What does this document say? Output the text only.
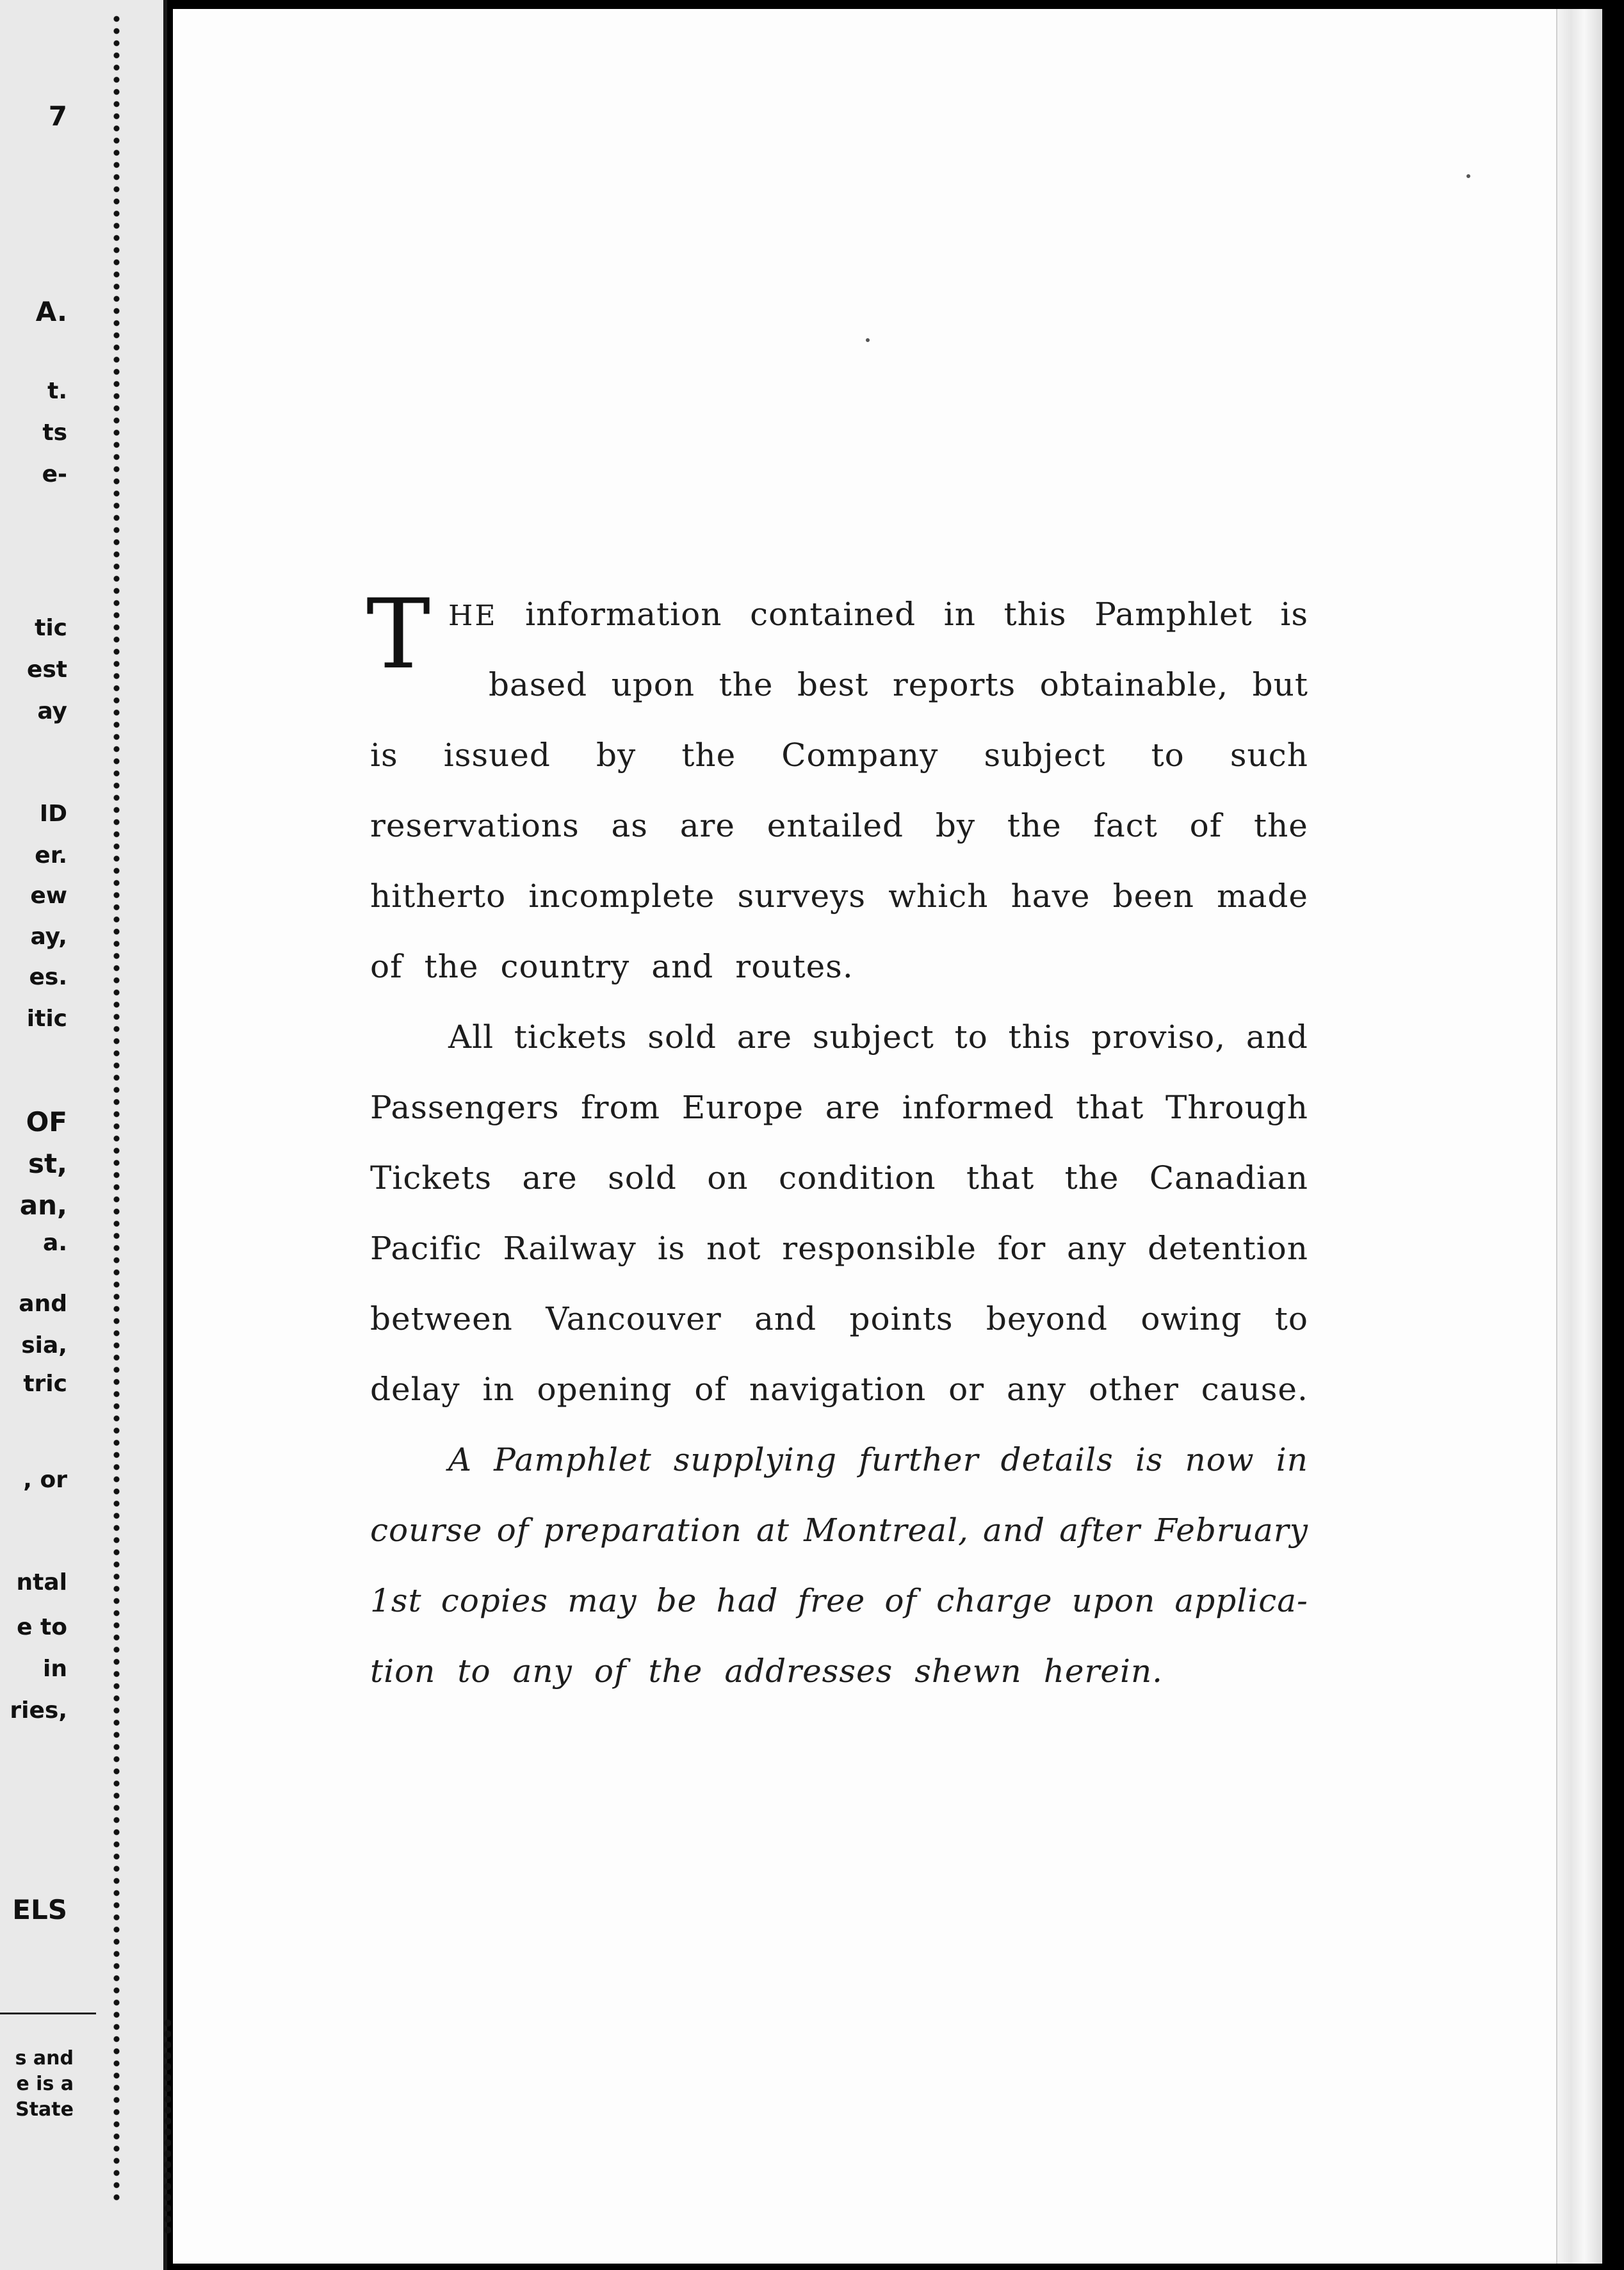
7
A.
t.
ts
e-
tic
est
ay
ID
er.
ew
ay,
es.
itic
OF
st,
an,
a.
and
sia,
tric
, or
ntal
e to
in
ries,
ELS
s and
e is a
State
T HE information contained in this Pamphlet is
based upon the best reports obtainable, but
is issued by the Company subject to such
reservations as are entailed by the fact of the
hitherto incomplete surveys which have been made
of the country and routes.
All tickets sold are subject to this proviso, and
Passengers from Europe are informed that Through
Tickets are sold on condition that the Canadian
Pacific Railway is not responsible for any detention
between Vancouver and points beyond owing to
delay in opening of navigation or any other cause.
A Pamphlet supplying further details is now in
course of preparation at Montreal, and after February
1st copies may be had free of charge upon applica-
tion to any of the addresses shewn herein.
